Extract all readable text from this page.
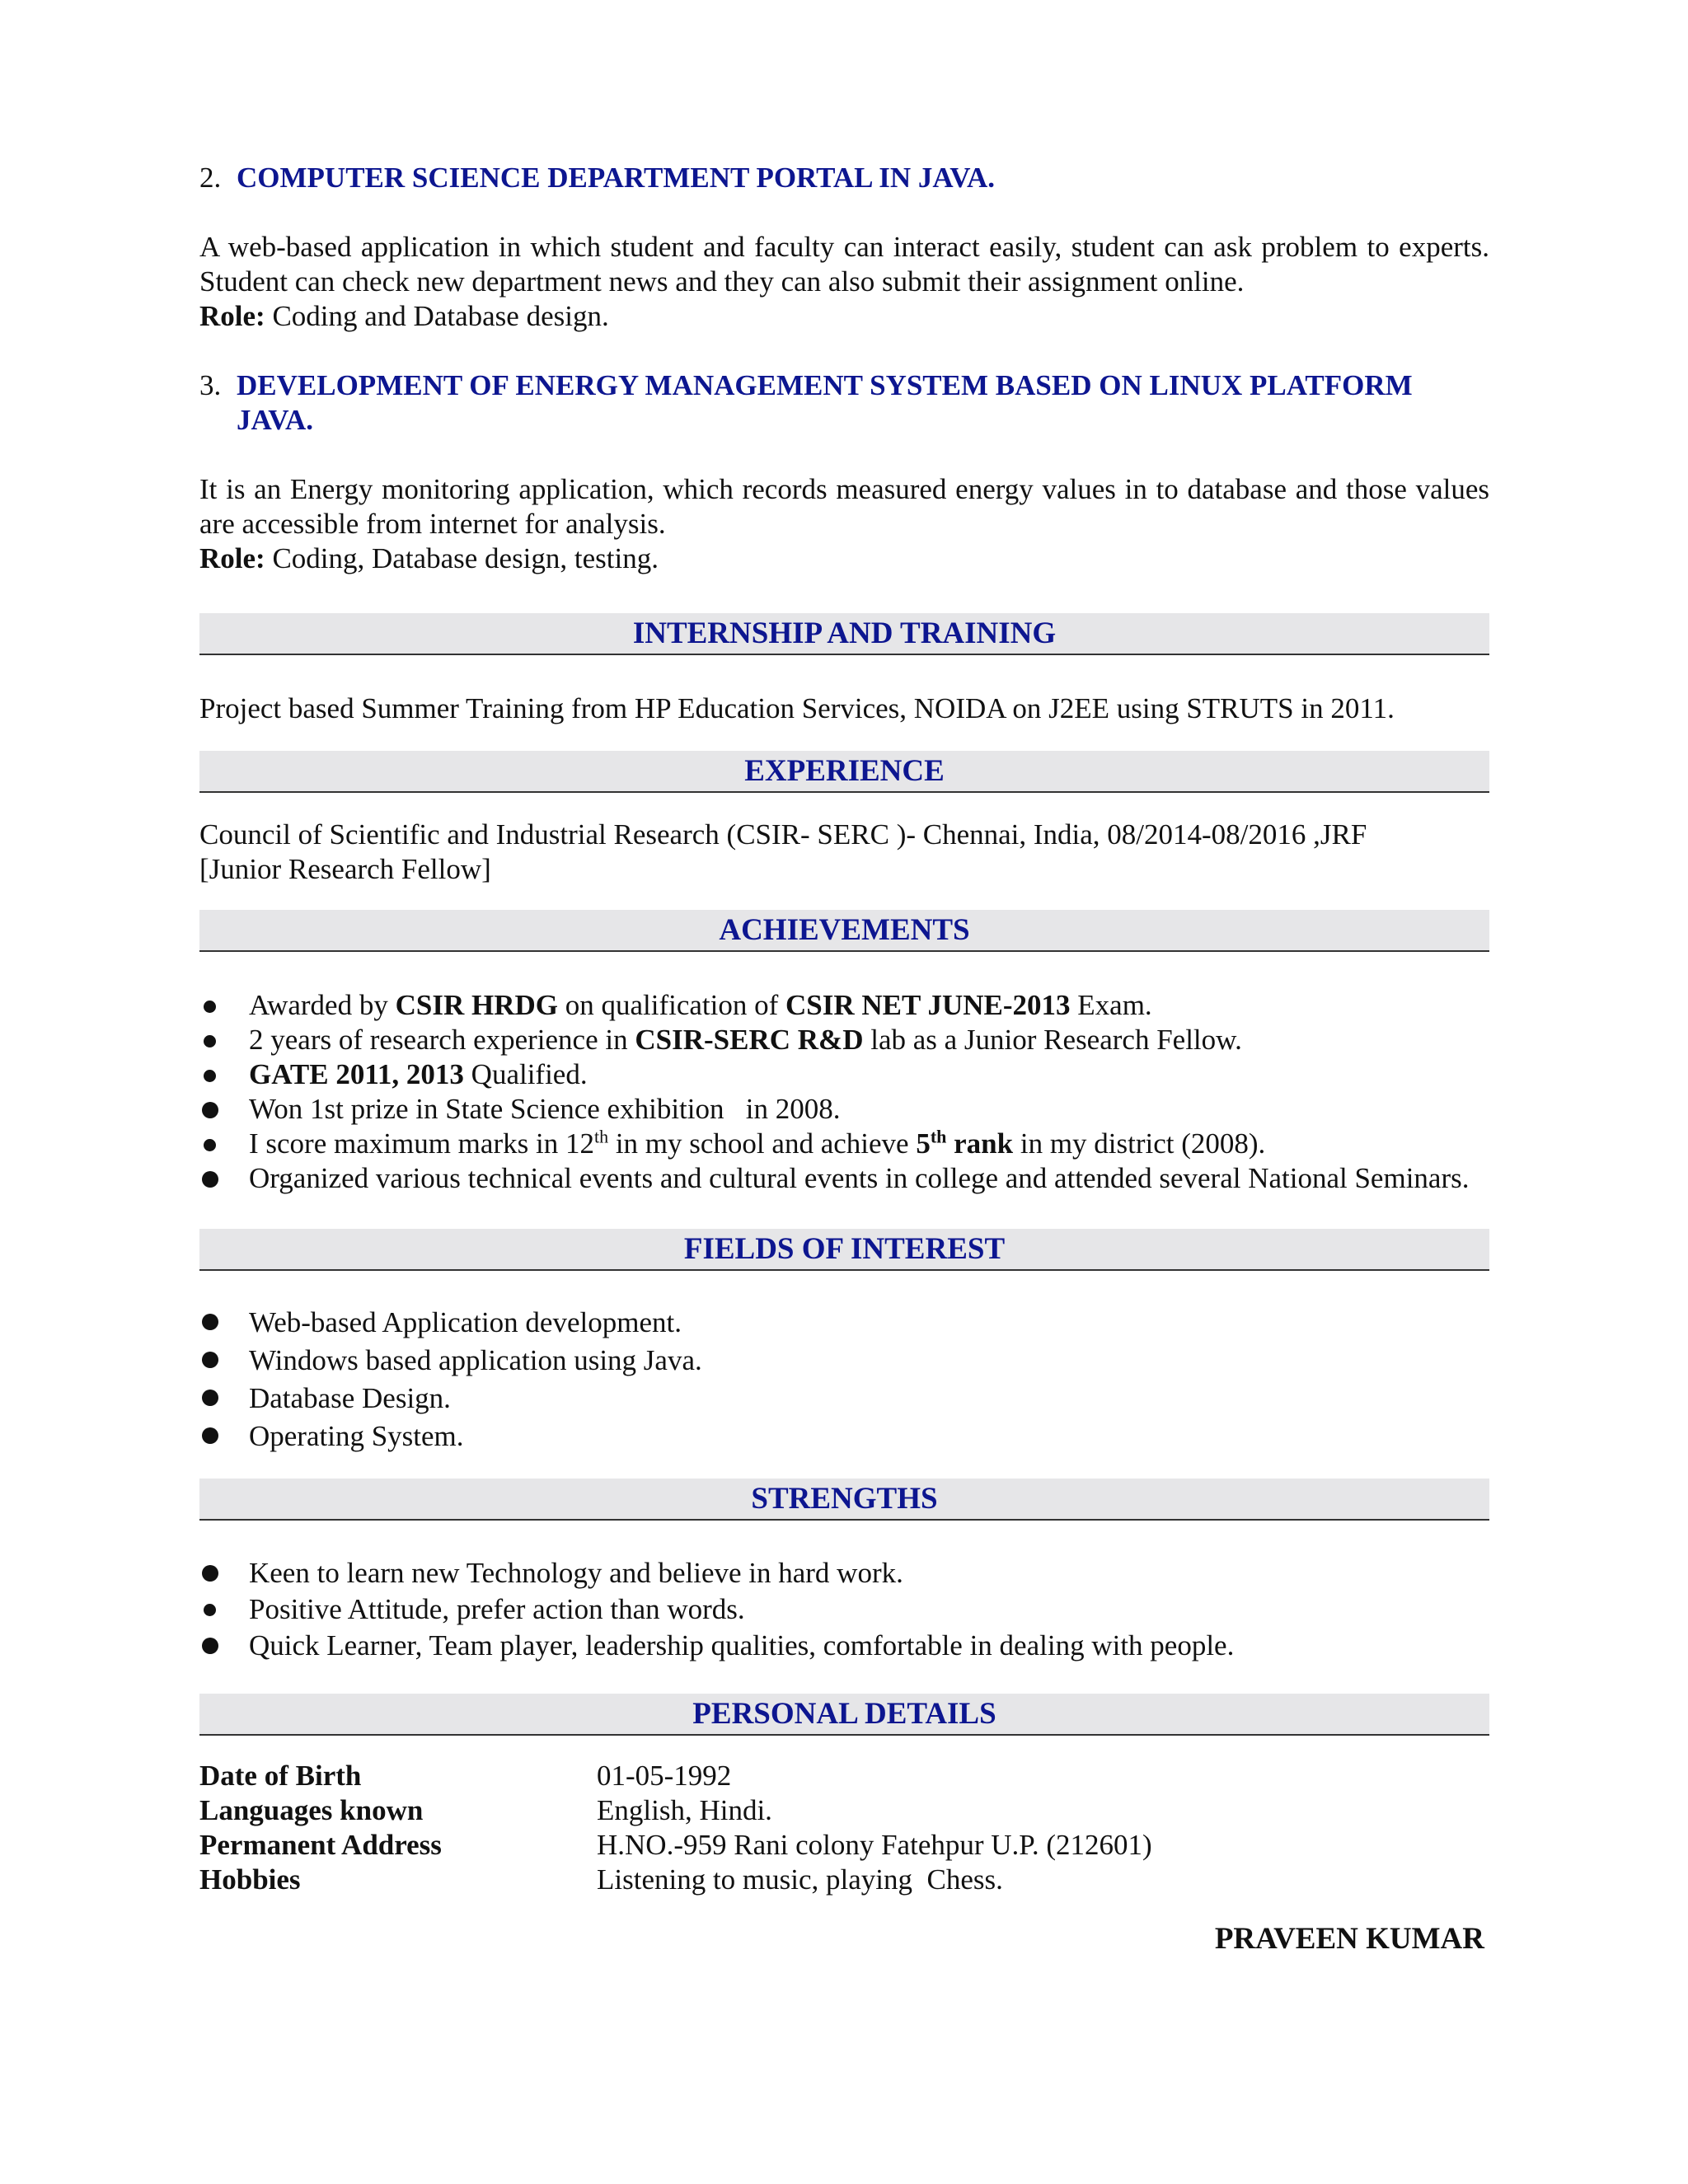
2. COMPUTER SCIENCE DEPARTMENT PORTAL IN JAVA.

A web-based application in which student and faculty can interact easily, student can ask problem to experts. Student can check new department news and they can also submit their assignment online.

Role: Coding and Database design.

3. DEVELOPMENT OF ENERGY MANAGEMENT SYSTEM BASED ON LINUX PLATFORM JAVA.

It is an Energy monitoring application, which records measured energy values in to database and those values are accessible from internet for analysis.

Role: Coding, Database design, testing.

INTERNSHIP AND TRAINING

Project based Summer Training from HP Education Services, NOIDA on J2EE using STRUTS in 2011.

EXPERIENCE

Council of Scientific and Industrial Research (CSIR- SERC )- Chennai, India, 08/2014-08/2016 ,JRF

[Junior Research Fellow]

ACHIEVEMENTS
Awarded by CSIR HRDG on qualification of CSIR NET JUNE-2013 Exam.
2 years of research experience in CSIR-SERC R&D lab as a Junior Research Fellow.
GATE 2011, 2013 Qualified.
Won 1st prize in State Science exhibition   in 2008.
I score maximum marks in 12th in my school and achieve 5th rank in my district (2008).
Organized various technical events and cultural events in college and attended several National Seminars.
FIELDS OF INTEREST
Web-based Application development.
Windows based application using Java.
Database Design.
Operating System.
STRENGTHS
Keen to learn new Technology and believe in hard work.
Positive Attitude, prefer action than words.
Quick Learner, Team player, leadership qualities, comfortable in dealing with people.
PERSONAL DETAILS
Date of Birth	01-05-1992
Languages known	English, Hindi.
Permanent Address	H.NO.-959 Rani colony Fatehpur U.P. (212601)
Hobbies	Listening to music, playing  Chess.
PRAVEEN KUMAR
